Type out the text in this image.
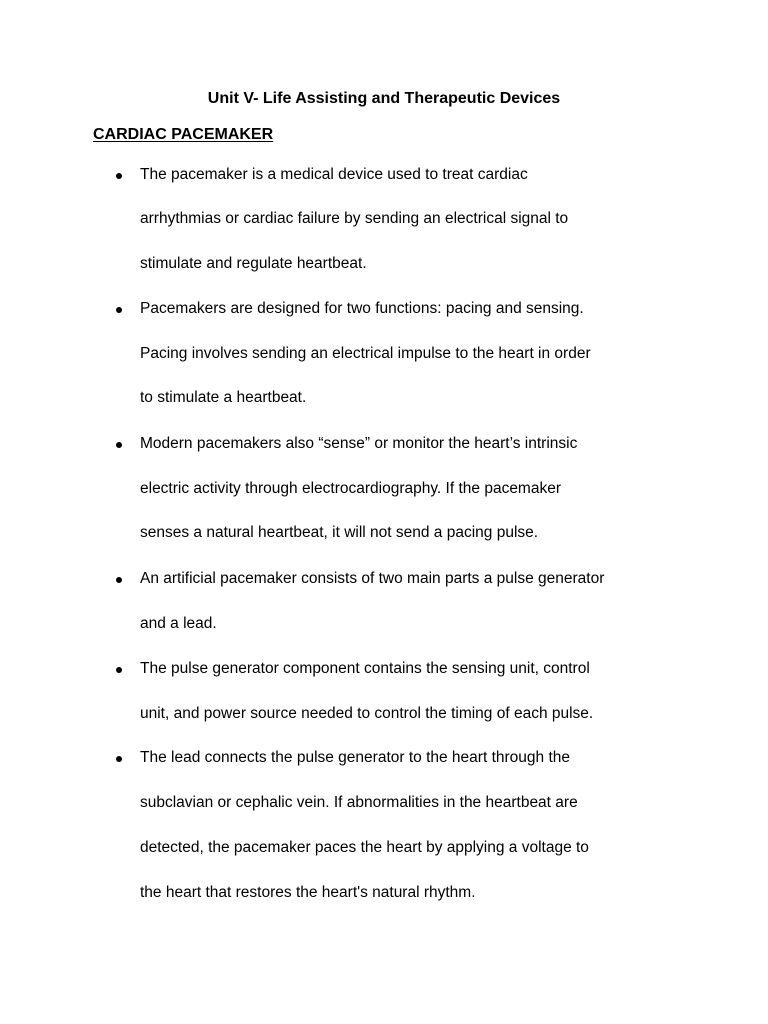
Unit V- Life Assisting and Therapeutic Devices
CARDIAC PACEMAKER

The pacemaker is a medical device used to treat cardiac

arrhythmias or cardiac failure by sending an electrical signal to

stimulate and regulate heartbeat.

Pacemakers are designed for two functions: pacing and sensing.

Pacing involves sending an electrical impulse to the heart in order

to stimulate a heartbeat.

Modern pacemakers also “sense” or monitor the heart’s intrinsic

electric activity through electrocardiography. If the pacemaker

senses a natural heartbeat, it will not send a pacing pulse.

An artificial pacemaker consists of two main parts a pulse generator

and a lead.

The pulse generator component contains the sensing unit, control

unit, and power source needed to control the timing of each pulse.

The lead connects the pulse generator to the heart through the

subclavian or cephalic vein. If abnormalities in the heartbeat are

detected, the pacemaker paces the heart by applying a voltage to

the heart that restores the heart's natural rhythm.
